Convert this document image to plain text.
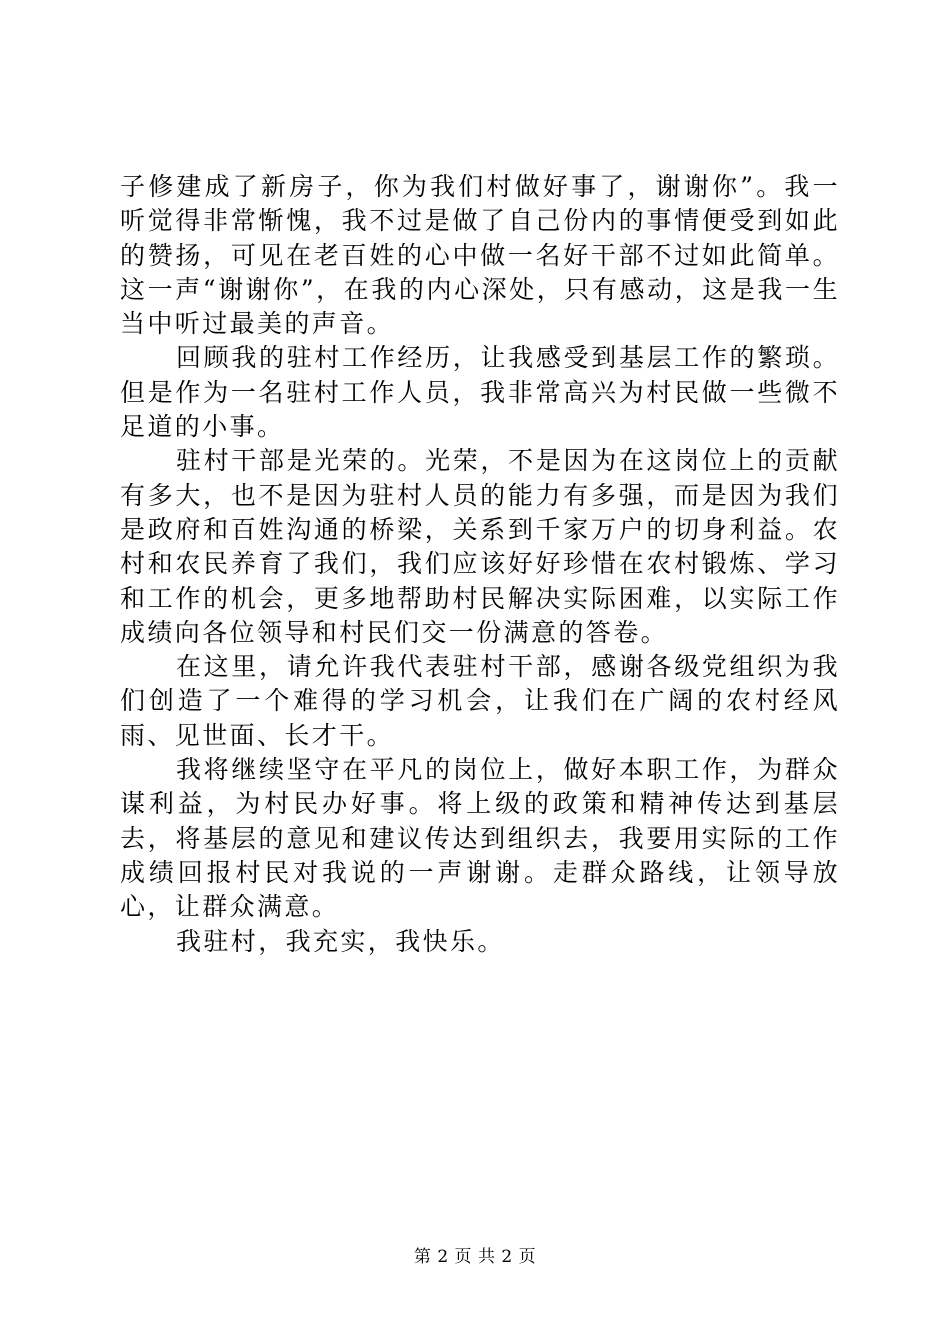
子修建成了新房子，你为我们村做好事了，谢谢你”。我一听觉得非常惭愧，我不过是做了自己份内的事情便受到如此的赞扬，可见在老百姓的心中做一名好干部不过如此简单。这一声“谢谢你”，在我的内心深处，只有感动，这是我一生当中听过最美的声音。

回顾我的驻村工作经历，让我感受到基层工作的繁琐。但是作为一名驻村工作人员，我非常高兴为村民做一些微不足道的小事。

驻村干部是光荣的。光荣，不是因为在这岗位上的贡献有多大，也不是因为驻村人员的能力有多强，而是因为我们是政府和百姓沟通的桥梁，关系到千家万户的切身利益。农村和农民养育了我们，我们应该好好珍惜在农村锻炼、学习和工作的机会，更多地帮助村民解决实际困难，以实际工作成绩向各位领导和村民们交一份满意的答卷。

在这里，请允许我代表驻村干部，感谢各级党组织为我们创造了一个难得的学习机会，让我们在广阔的农村经风雨、见世面、长才干。

我将继续坚守在平凡的岗位上，做好本职工作，为群众谋利益，为村民办好事。将上级的政策和精神传达到基层去，将基层的意见和建议传达到组织去，我要用实际的工作成绩回报村民对我说的一声谢谢。走群众路线，让领导放心，让群众满意。

我驻村，我充实，我快乐。

第 2 页 共 2 页
